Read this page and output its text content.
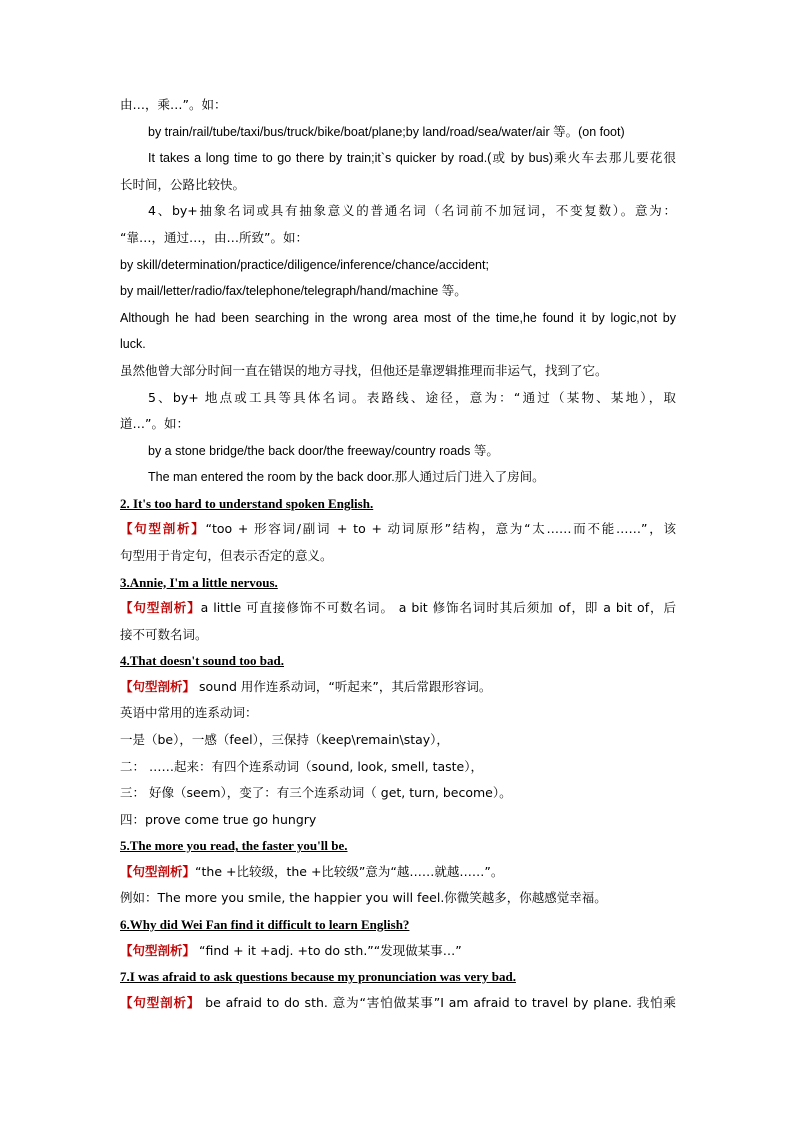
由…，乘…”。如：
by train/rail/tube/taxi/bus/truck/bike/boat/plane;by land/road/sea/water/air 等。(on foot)
It takes a long time to go there by train;it`s quicker by road.(或 by bus)乘火车去那儿要花很
长时间，公路比较快。
4、by+抽象名词或具有抽象意义的普通名词（名词前不加冠词，不变复数）。意为：
“靠…，通过…，由…所致”。如：
by skill/determination/practice/diligence/inference/chance/accident;
by mail/letter/radio/fax/telephone/telegraph/hand/machine 等。
Although he had been searching in the wrong area most of the time,he found it by logic,not by
luck.
虽然他曾大部分时间一直在错误的地方寻找，但他还是靠逻辑推理而非运气，找到了它。
5、by+ 地点或工具等具体名词。表路线、途径，意为：“通过（某物、某地），取
道…”。如：
by a stone bridge/the back door/the freeway/country roads 等。
The man entered the room by the back door.那人通过后门进入了房间。
2. It's too hard to understand spoken English.
【句型剖析】“too + 形容词/副词 + to + 动词原形”结构，意为“太……而不能……”，该
句型用于肯定句，但表示否定的意义。
3.Annie, I'm a little nervous.
【句型剖析】a little 可直接修饰不可数名词。 a bit 修饰名词时其后须加 of，即 a bit of，后
接不可数名词。
4.That doesn't sound too bad.
【句型剖析】 sound 用作连系动词，“听起来”，其后常跟形容词。
英语中常用的连系动词：
一是（be），一感（feel），三保持（keep\remain\stay），
二： ……起来：有四个连系动词（sound, look, smell, taste），
三： 好像（seem），变了：有三个连系动词（ get, turn, become）。
四：prove come true go hungry
5.The more you read, the faster you'll be.
【句型剖析】“the +比较级，the +比较级”意为“越……就越……”。
例如：The more you smile, the happier you will feel.你微笑越多，你越感觉幸福。
6.Why did Wei Fan find it difficult to learn English?
【句型剖析】 “find + it +adj. +to do sth.”“发现做某事…”
7.I was afraid to ask questions because my pronunciation was very bad.
【句型剖析】 be afraid to do sth. 意为“害怕做某事”I am afraid to travel by plane. 我怕乘
